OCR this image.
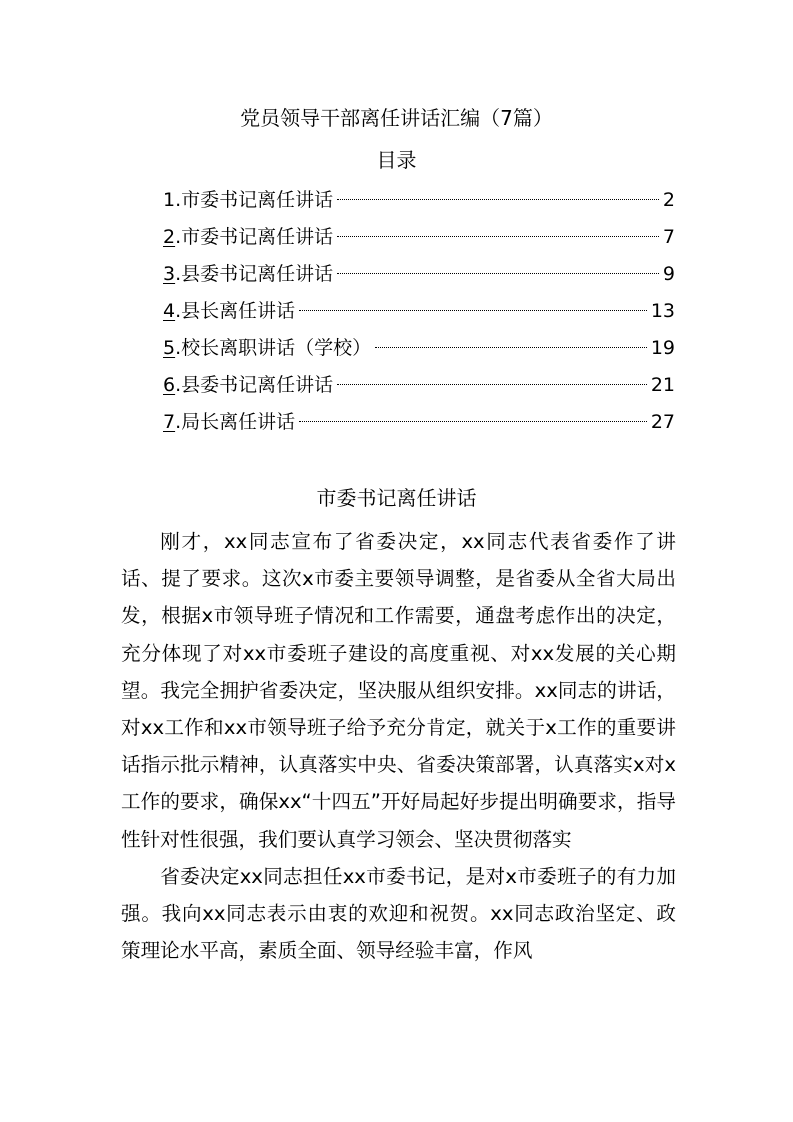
党员领导干部离任讲话汇编（7篇）
目录
1.市委书记离任讲话	2
2.市委书记离任讲话	7
3.县委书记离任讲话	9
4.县长离任讲话	13
5.校长离职讲话（学校）	19
6.县委书记离任讲话	21
7.局长离任讲话	27
市委书记离任讲话

刚才，xx同志宣布了省委决定，xx同志代表省委作了讲话、提了要求。这次x市委主要领导调整，是省委从全省大局出发，根据x市领导班子情况和工作需要，通盘考虑作出的决定，充分体现了对xx市委班子建设的高度重视、对xx发展的关心期望。我完全拥护省委决定，坚决服从组织安排。xx同志的讲话，对xx工作和xx市领导班子给予充分肯定，就关于x工作的重要讲话指示批示精神，认真落实中央、省委决策部署，认真落实x对x工作的要求，确保xx“十四五”开好局起好步提出明确要求，指导性针对性很强，我们要认真学习领会、坚决贯彻落实

省委决定xx同志担任xx市委书记，是对x市委班子的有力加强。我向xx同志表示由衷的欢迎和祝贺。xx同志政治坚定、政策理论水平高，素质全面、领导经验丰富，作风
